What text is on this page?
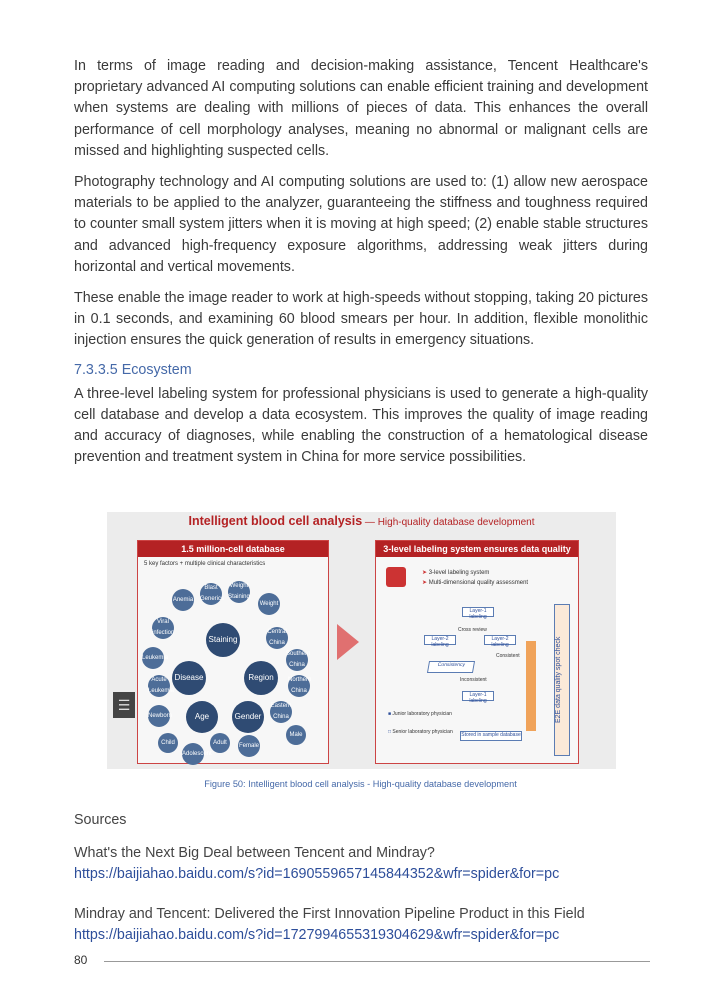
In terms of image reading and decision-making assistance, Tencent Healthcare's proprietary advanced AI computing solutions can enable efficient training and development when systems are dealing with millions of pieces of data. This enhances the overall performance of cell morphology analyses, meaning no abnormal or malignant cells are missed and highlighting suspected cells.

Photography technology and AI computing solutions are used to: (1) allow new aerospace materials to be applied to the analyzer, guaranteeing the stiffness and toughness required to counter small system jitters when it is moving at high speed; (2) enable stable structures and advanced high-frequency exposure algorithms, addressing weak jitters during horizontal and vertical movements.

These enable the image reader to work at high-speeds without stopping, taking 20 pictures in 0.1 seconds, and examining 60 blood smears per hour. In addition, flexible monolithic injection ensures the quick generation of results in emergency situations.

7.3.3.5 Ecosystem

A three-level labeling system for professional physicians is used to generate a high-quality cell database and develop a data ecosystem. This improves the quality of image reading and accuracy of diagnoses, while enabling the construction of a hematological disease prevention and treatment system in China for more service possibilities.

Intelligent blood cell analysis — High-quality database development
1.5 million-cell database
5 key factors + multiple clinical characteristics
Staining
Disease	Region
Age	Gender
Anemia
Blast Generics
Weight Staining
Weight
Viral infection	Central China
Leukemia
Southern China
Acute Leukemia
Northern China
Newborn
Eastern China
Male
Child	Adult	Female
Adolescent
3-level labeling system ensures data quality
➤ 3-level labeling system
➤ Multi-dimensional quality assessment
Layer-1 labeling
Layer-2 labeling
Layer-2 labeling
Cross review
Consistency
Consistent
Inconsistent
Layer-1 labeling
Stored in sample database
■ Junior laboratory physician
□ Senior laboratory physician
E2E data quality spot check
☰
Figure 50: Intelligent blood cell analysis - High-quality database development
Sources
What's the Next Big Deal between Tencent and Mindray?
https://baijiahao.baidu.com/s?id=1690559657145844352&wfr=spider&for=pc
Mindray and Tencent: Delivered the First Innovation Pipeline Product in this Field
https://baijiahao.baidu.com/s?id=1727994655319304629&wfr=spider&for=pc
80
